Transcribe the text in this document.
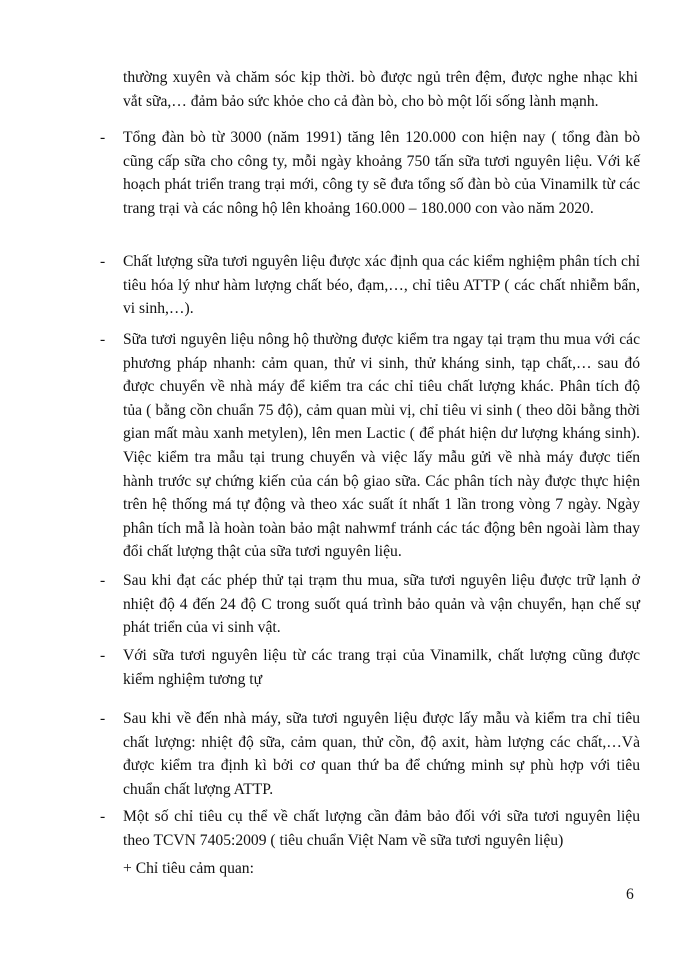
thường xuyên và chăm sóc kịp thời. bò được ngủ trên đệm, được nghe nhạc khi vắt sữa,… đảm bảo sức khỏe cho cả đàn bò, cho bò một lối sống lành mạnh.
-	Tổng đàn bò từ 3000 (năm 1991) tăng lên 120.000 con hiện nay ( tổng đàn bò cũng cấp sữa cho công ty, mỗi ngày khoảng 750 tấn sữa tươi nguyên liệu. Với kế hoạch phát triển trang trại mới, công ty sẽ đưa tổng số đàn bò của Vinamilk từ các trang trại và các nông hộ lên khoảng 160.000 – 180.000 con vào năm 2020.
-	Chất lượng sữa tươi nguyên liệu được xác định qua các kiểm nghiệm phân tích chỉ tiêu hóa lý như hàm lượng chất béo, đạm,…, chỉ tiêu ATTP ( các chất nhiễm bẩn, vi sinh,…).
-	Sữa tươi nguyên liệu nông hộ thường được kiểm tra ngay tại trạm thu mua với các phương pháp nhanh: cảm quan, thử vi sinh, thử kháng sinh, tạp chất,… sau đó được chuyển về nhà máy để kiểm tra các chỉ tiêu chất lượng khác. Phân tích độ tủa ( bằng cồn chuẩn 75 độ), cảm quan mùi vị, chỉ tiêu vi sinh ( theo dõi bằng thời gian mất màu xanh metylen), lên men Lactic ( để phát hiện dư lượng kháng sinh). Việc kiểm tra mẫu tại trung chuyển và việc lấy mẫu gửi về nhà máy được tiến hành trước sự chứng kiến của cán bộ giao sữa. Các phân tích này được thực hiện trên hệ thống má tự động và theo xác suất ít nhất 1 lần trong vòng 7 ngày. Ngày phân tích mẫ là hoàn toàn bảo mật nahwmf tránh các tác động bên ngoài làm thay đổi chất lượng thật của sữa tươi nguyên liệu.
-	Sau khi đạt các phép thử tại trạm thu mua, sữa tươi nguyên liệu được trữ lạnh ở nhiệt độ 4 đến 24 độ C trong suốt quá trình bảo quản và vận chuyển, hạn chế sự phát triển của vi sinh vật.
-	Với sữa tươi nguyên liệu từ các trang trại của Vinamilk, chất lượng cũng được kiểm nghiệm tương tự
-	Sau khi về đến nhà máy, sữa tươi nguyên liệu được lấy mẫu và kiểm tra chỉ tiêu chất lượng: nhiệt độ sữa, cảm quan, thử cồn, độ axit, hàm lượng các chất,…Và được kiểm tra định kì bởi cơ quan thứ ba để chứng minh sự phù hợp với tiêu chuẩn chất lượng ATTP.
-	Một số chỉ tiêu cụ thể về chất lượng cần đảm bảo đối với sữa tươi nguyên liệu theo TCVN 7405:2009 ( tiêu chuẩn Việt Nam về sữa tươi nguyên liệu)
+ Chỉ tiêu cảm quan:
6
